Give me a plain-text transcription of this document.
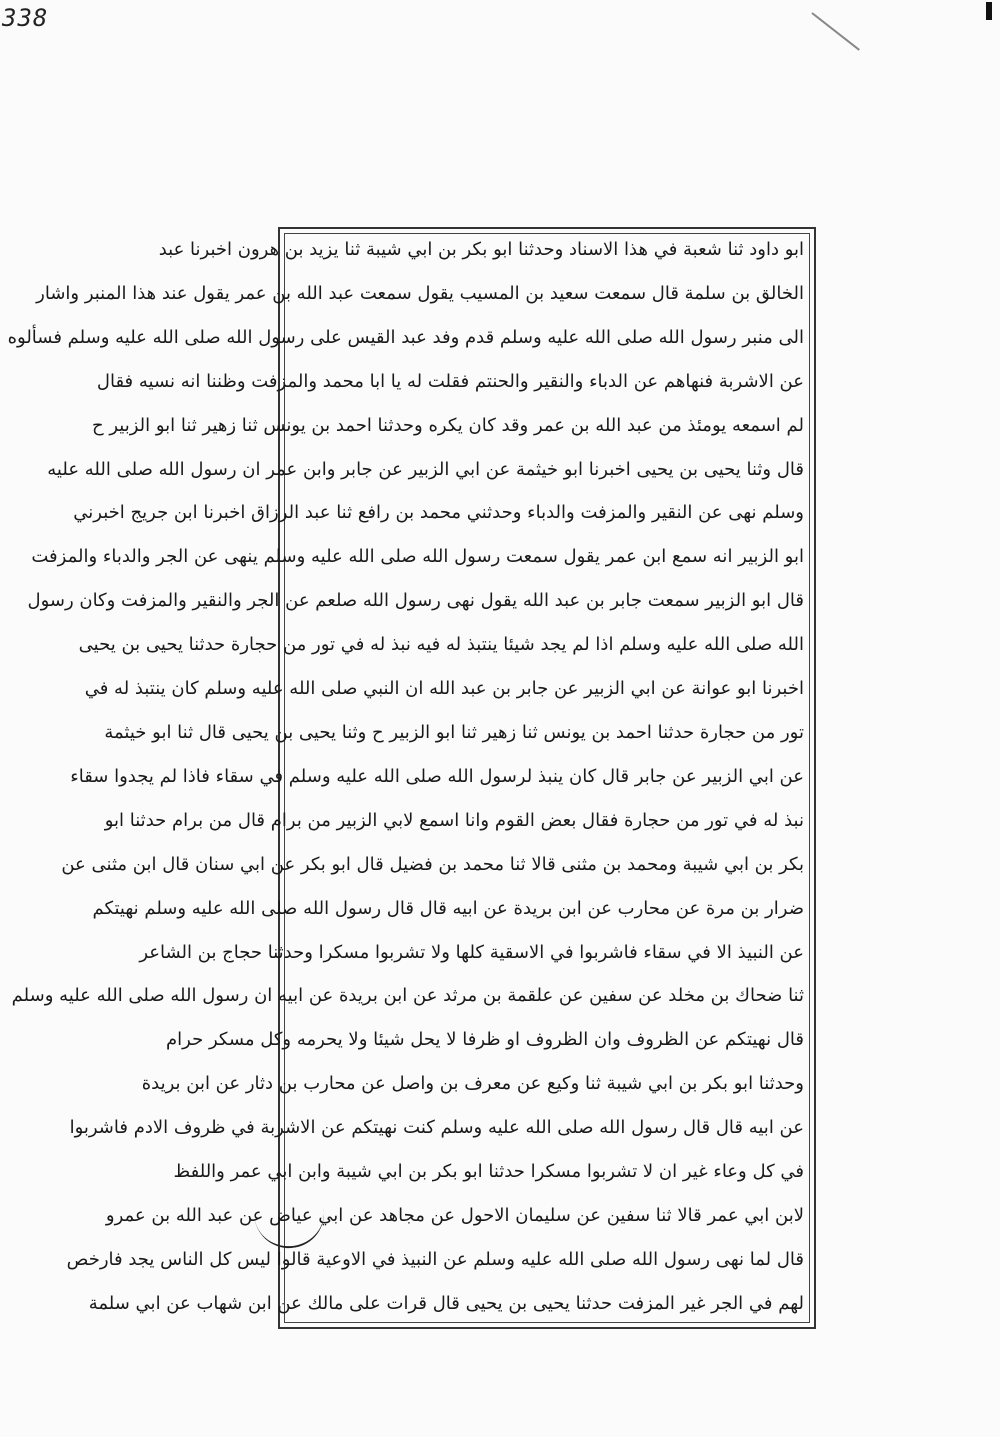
338
ابو داود ثنا شعبة في هذا الاسناد وحدثنا ابو بكر بن ابي شيبة ثنا يزيد بن هرون اخبرنا عبد
الخالق بن سلمة قال سمعت سعيد بن المسيب يقول سمعت عبد الله بن عمر يقول عند هذا المنبر واشار
الى منبر رسول الله صلى الله عليه وسلم قدم وفد عبد القيس على رسول الله صلى الله عليه وسلم فسألوه
عن الاشربة فنهاهم عن الدباء والنقير والحنتم فقلت له يا ابا محمد والمزفت وظننا انه نسيه فقال
لم اسمعه يومئذ من عبد الله بن عمر وقد كان يكره وحدثنا احمد بن يونس ثنا زهير ثنا ابو الزبير ح
قال وثنا يحيى بن يحيى اخبرنا ابو خيثمة عن ابي الزبير عن جابر وابن عمر ان رسول الله صلى الله عليه
وسلم نهى عن النقير والمزفت والدباء وحدثني محمد بن رافع ثنا عبد الرزاق اخبرنا ابن جريج اخبرني
ابو الزبير انه سمع ابن عمر يقول سمعت رسول الله صلى الله عليه وسلم ينهى عن الجر والدباء والمزفت
قال ابو الزبير سمعت جابر بن عبد الله يقول نهى رسول الله صلعم عن الجر والنقير والمزفت وكان رسول
الله صلى الله عليه وسلم اذا لم يجد شيئا ينتبذ له فيه نبذ له في تور من حجارة حدثنا يحيى بن يحيى
اخبرنا ابو عوانة عن ابي الزبير عن جابر بن عبد الله ان النبي صلى الله عليه وسلم كان ينتبذ له في
تور من حجارة حدثنا احمد بن يونس ثنا زهير ثنا ابو الزبير ح وثنا يحيى بن يحيى قال ثنا ابو خيثمة
عن ابي الزبير عن جابر قال كان ينبذ لرسول الله صلى الله عليه وسلم في سقاء فاذا لم يجدوا سقاء
نبذ له في تور من حجارة فقال بعض القوم وانا اسمع لابي الزبير من برام قال من برام حدثنا ابو
بكر بن ابي شيبة ومحمد بن مثنى قالا ثنا محمد بن فضيل قال ابو بكر عن ابي سنان قال ابن مثنى عن
ضرار بن مرة عن محارب عن ابن بريدة عن ابيه قال قال رسول الله صلى الله عليه وسلم نهيتكم
عن النبيذ الا في سقاء فاشربوا في الاسقية كلها ولا تشربوا مسكرا وحدثنا حجاج بن الشاعر
ثنا ضحاك بن مخلد عن سفين عن علقمة بن مرثد عن ابن بريدة عن ابيه ان رسول الله صلى الله عليه وسلم
قال نهيتكم عن الظروف وان الظروف او ظرفا لا يحل شيئا ولا يحرمه وكل مسكر حرام
وحدثنا ابو بكر بن ابي شيبة ثنا وكيع عن معرف بن واصل عن محارب بن دثار عن ابن بريدة
عن ابيه قال قال رسول الله صلى الله عليه وسلم كنت نهيتكم عن الاشربة في ظروف الادم فاشربوا
في كل وعاء غير ان لا تشربوا مسكرا حدثنا ابو بكر بن ابي شيبة وابن ابي عمر واللفظ
لابن ابي عمر قالا ثنا سفين عن سليمان الاحول عن مجاهد عن ابي عياض عن عبد الله بن عمرو
قال لما نهى رسول الله صلى الله عليه وسلم عن النبيذ في الاوعية قالوا ليس كل الناس يجد فارخص
لهم في الجر غير المزفت حدثنا يحيى بن يحيى قال قرات على مالك عن ابن شهاب عن ابي سلمة
